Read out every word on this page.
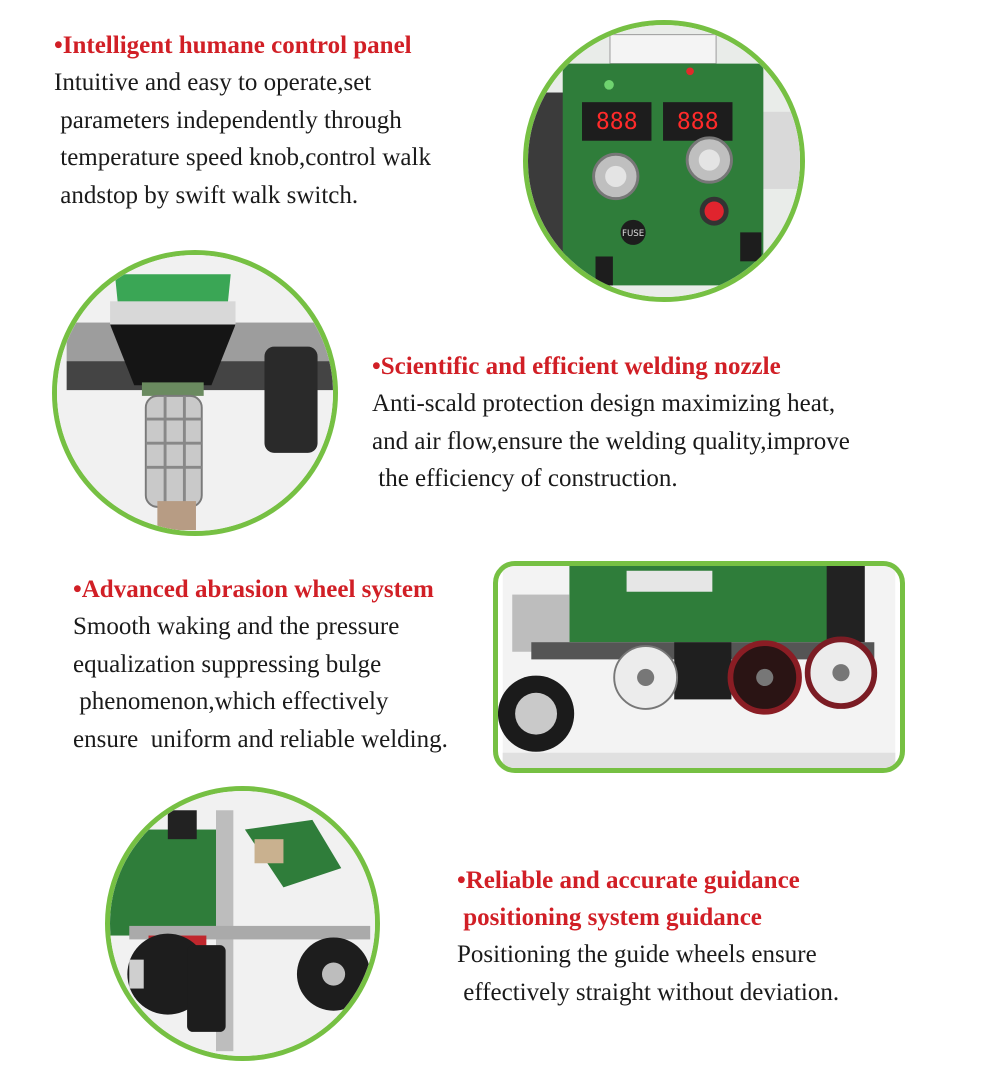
•Intelligent humane control panel

Intuitive and easy to operate,set

parameters independently through

temperature speed knob,control walk

andstop by swift walk switch.

888 888
FUSE

•Scientific and efficient welding nozzle

Anti-scald protection design maximizing heat,

and air flow,ensure the welding quality,improve

the efficiency of construction.

•Advanced abrasion wheel system

Smooth waking and the pressure

equalization suppressing bulge

phenomenon,which effectively

ensure  uniform and reliable welding.

•Reliable and accurate guidance

positioning system guidance

Positioning the guide wheels ensure

effectively straight without deviation.
